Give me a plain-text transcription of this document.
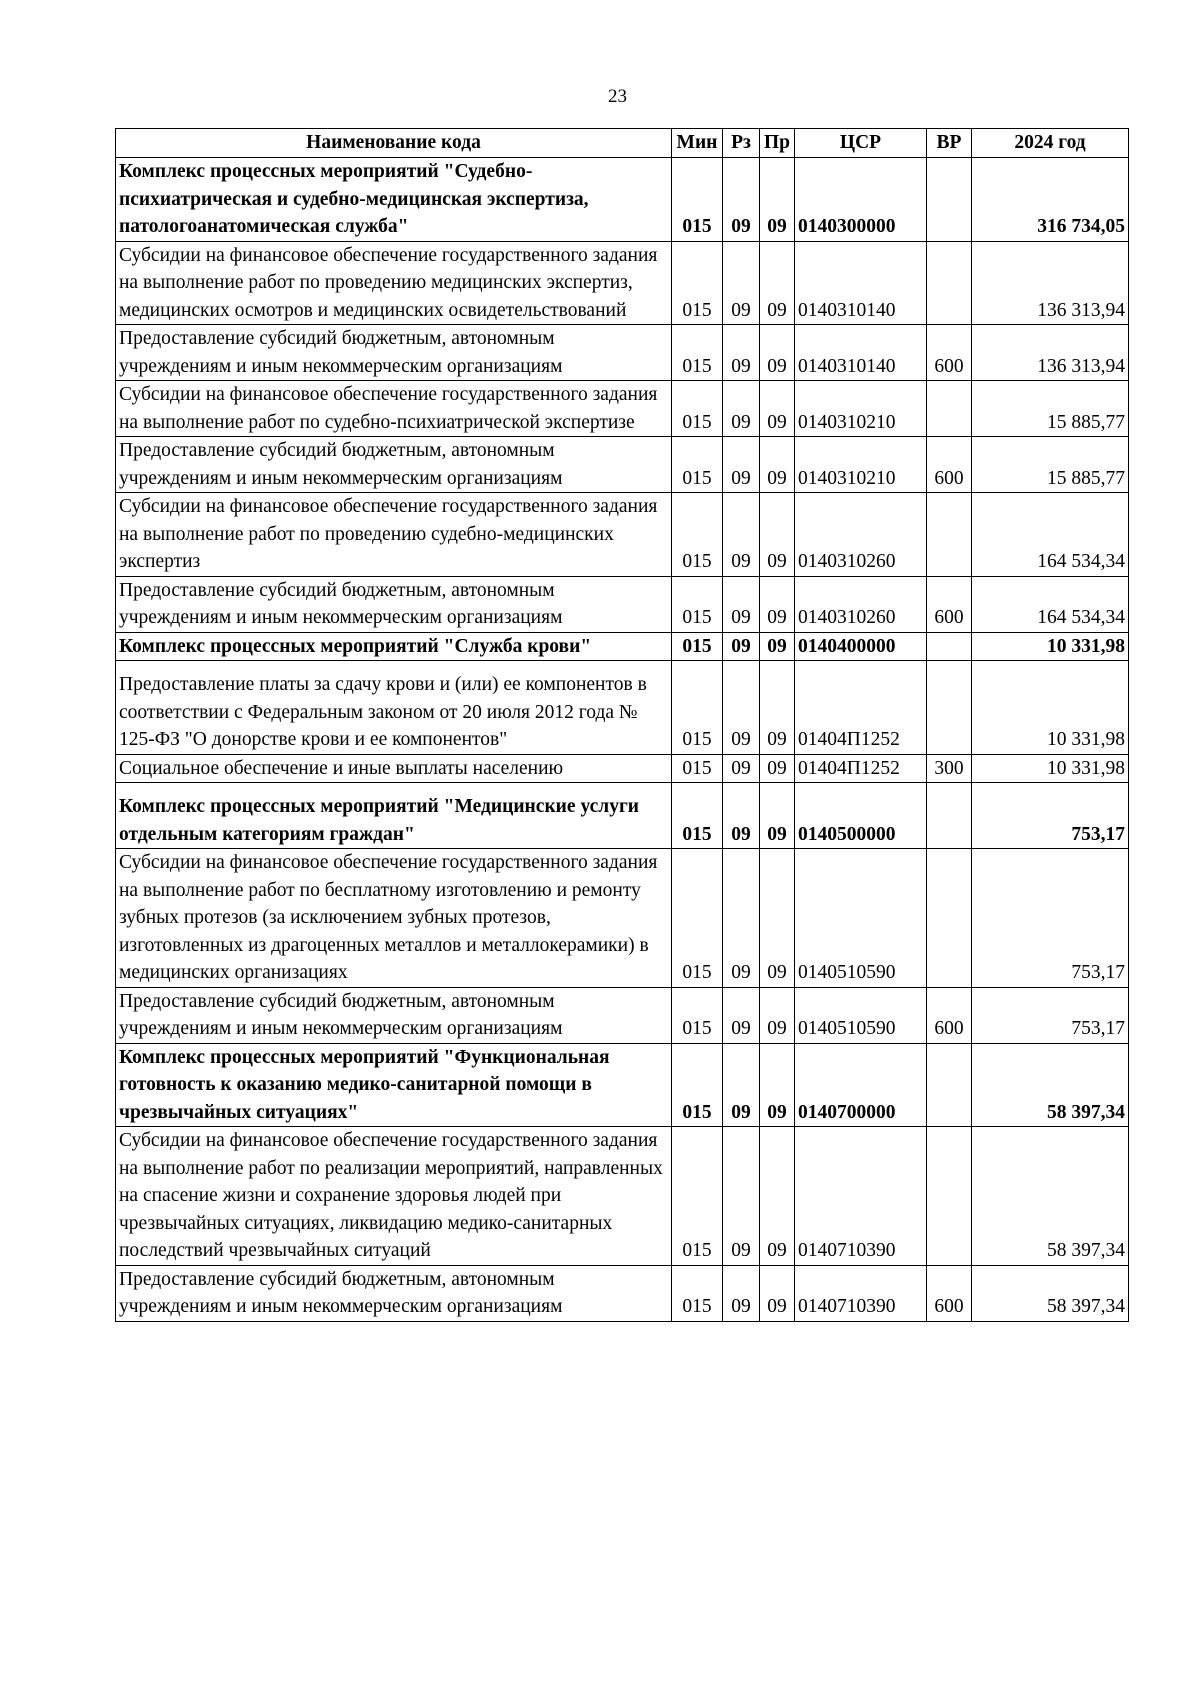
23
Наименование кода	Мин	Рз	Пр	ЦСР	ВР	2024 год
Комплекс процессных мероприятий "Судебно-психиатрическая и судебно-медицинская экспертиза, патологоанатомическая служба"	015	09	09	0140300000		316 734,05
Субсидии на финансовое обеспечение государственного задания на выполнение работ по проведению медицинских экспертиз, медицинских осмотров и медицинских освидетельствований	015	09	09	0140310140		136 313,94
Предоставление субсидий бюджетным, автономным учреждениям и иным некоммерческим организациям	015	09	09	0140310140	600	136 313,94
Субсидии на финансовое обеспечение государственного задания на выполнение работ по судебно-психиатрической экспертизе	015	09	09	0140310210		15 885,77
Предоставление субсидий бюджетным, автономным учреждениям и иным некоммерческим организациям	015	09	09	0140310210	600	15 885,77
Субсидии на финансовое обеспечение государственного задания на выполнение работ по проведению судебно-медицинских экспертиз	015	09	09	0140310260		164 534,34
Предоставление субсидий бюджетным, автономным учреждениям и иным некоммерческим организациям	015	09	09	0140310260	600	164 534,34
Комплекс процессных мероприятий "Служба крови"	015	09	09	0140400000		10 331,98
Предоставление платы за сдачу крови и (или) ее компонентов в соответствии с Федеральным законом от 20 июля 2012 года № 125-ФЗ "О донорстве крови и ее компонентов"	015	09	09	01404П1252		10 331,98
Социальное обеспечение и иные выплаты населению	015	09	09	01404П1252	300	10 331,98
Комплекс процессных мероприятий "Медицинские услуги отдельным категориям граждан"	015	09	09	0140500000		753,17
Субсидии на финансовое обеспечение государственного задания на выполнение работ по бесплатному изготовлению и ремонту зубных протезов (за исключением зубных протезов, изготовленных из драгоценных металлов и металлокерамики) в медицинских организациях	015	09	09	0140510590		753,17
Предоставление субсидий бюджетным, автономным учреждениям и иным некоммерческим организациям	015	09	09	0140510590	600	753,17
Комплекс процессных мероприятий "Функциональная готовность к оказанию медико-санитарной помощи в чрезвычайных ситуациях"	015	09	09	0140700000		58 397,34
Субсидии на финансовое обеспечение государственного задания на выполнение работ по реализации мероприятий, направленных на спасение жизни и сохранение здоровья людей при чрезвычайных ситуациях, ликвидацию медико-санитарных последствий чрезвычайных ситуаций	015	09	09	0140710390		58 397,34
Предоставление субсидий бюджетным, автономным учреждениям и иным некоммерческим организациям	015	09	09	0140710390	600	58 397,34
